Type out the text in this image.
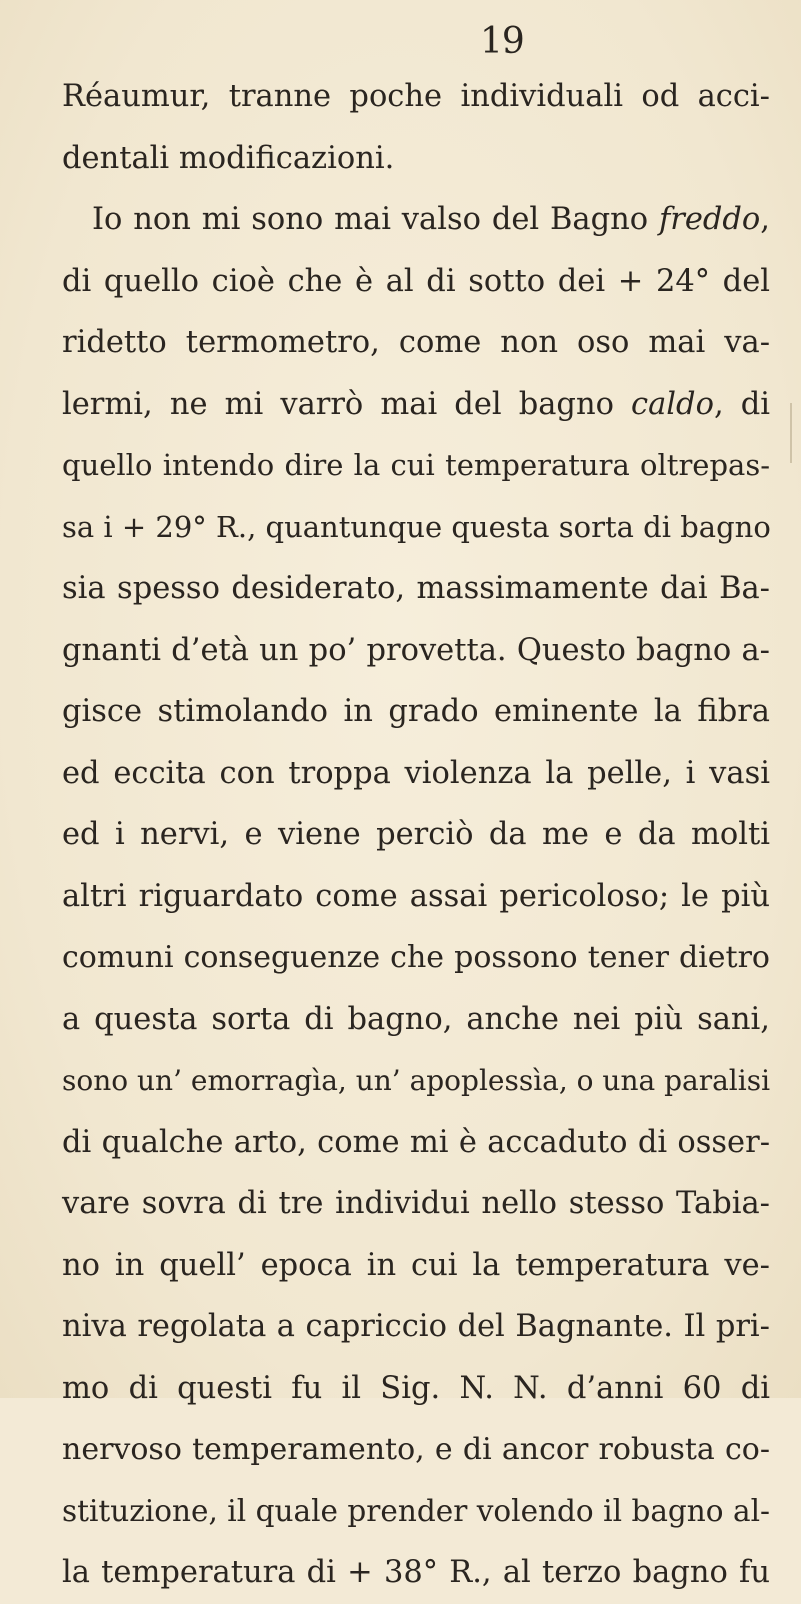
19
Réaumur, tranne poche individuali od acci-
dentali modificazioni.
Io non mi sono mai valso del Bagno freddo,
di quello cioè che è al di sotto dei + 24° del
ridetto termometro, come non oso mai va-
lermi, ne mi varrò mai del bagno caldo, di
quello intendo dire la cui temperatura oltrepas-
sa i + 29° R., quantunque questa sorta di bagno
sia spesso desiderato, massimamente dai Ba-
gnanti d’età un po’ provetta. Questo bagno a-
gisce stimolando in grado eminente la fibra
ed eccita con troppa violenza la pelle, i vasi
ed i nervi, e viene perciò da me e da molti
altri riguardato come assai pericoloso; le più
comuni conseguenze che possono tener dietro
a questa sorta di bagno, anche nei più sani,
sono un’ emorragìa, un’ apoplessìa, o una paralisi
di qualche arto, come mi è accaduto di osser-
vare sovra di tre individui nello stesso Tabia-
no in quell’ epoca in cui la temperatura ve-
niva regolata a capriccio del Bagnante. Il pri-
mo di questi fu il Sig. N. N. d’anni 60 di
nervoso temperamento, e di ancor robusta co-
stituzione, il quale prender volendo il bagno al-
la temperatura di + 38° R., al terzo bagno fu
